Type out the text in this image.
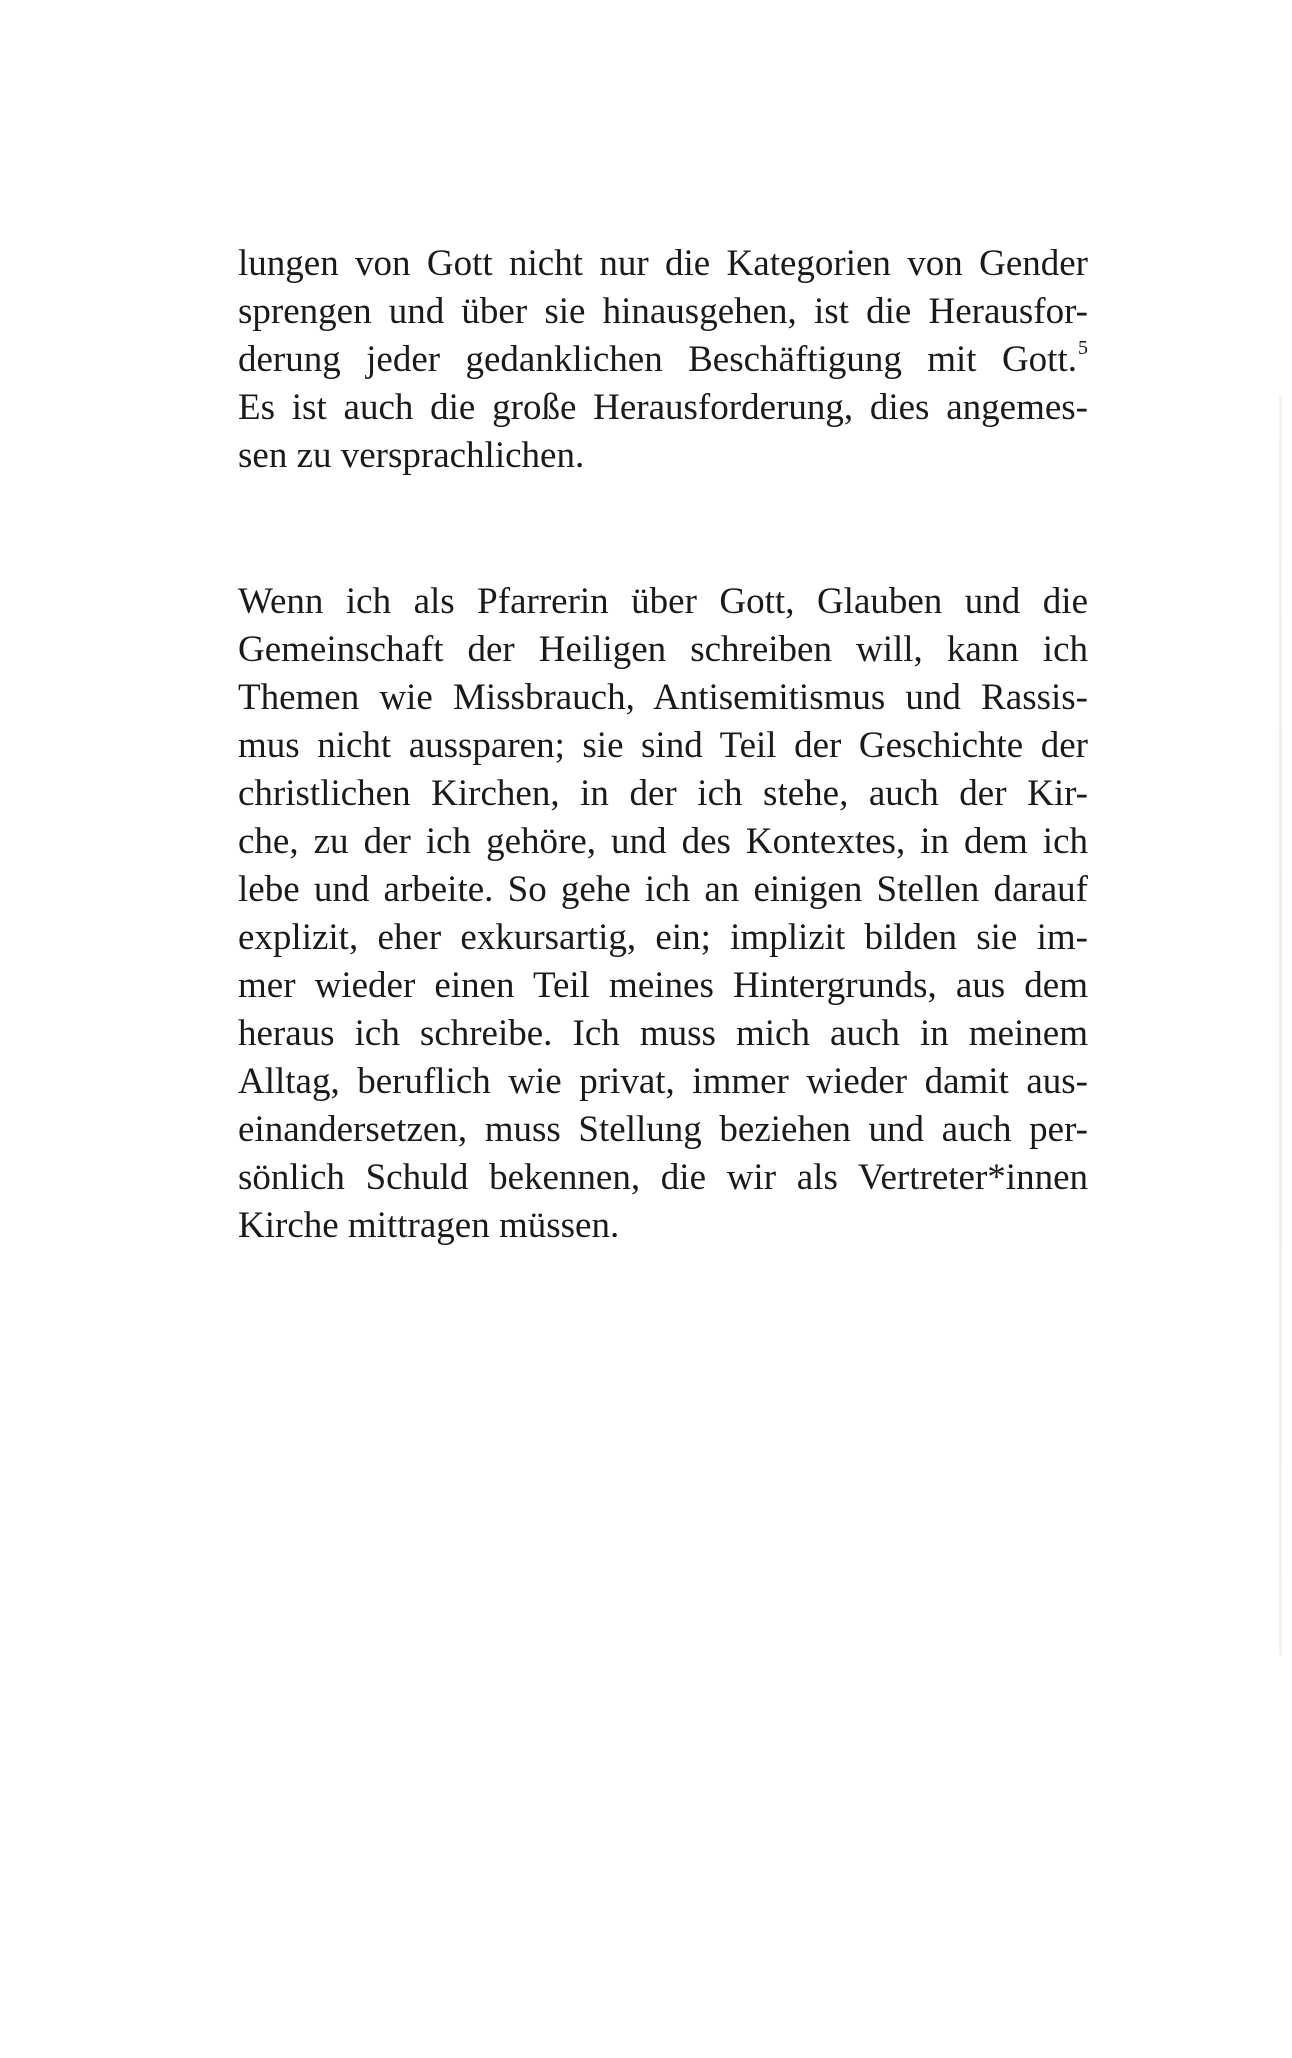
lungen von Gott nicht nur die Kategorien von Gender
sprengen und über sie hinausgehen, ist die Herausfor-
derung jeder gedanklichen Beschäftigung mit Gott.$^5$
Es ist auch die große Herausforderung, dies angemes-
sen zu versprachlichen.
Wenn ich als Pfarrerin über Gott, Glauben und die
Gemeinschaft der Heiligen schreiben will, kann ich
Themen wie Missbrauch, Antisemitismus und Rassis-
mus nicht aussparen; sie sind Teil der Geschichte der
christlichen Kirchen, in der ich stehe, auch der Kir-
che, zu der ich gehöre, und des Kontextes, in dem ich
lebe und arbeite. So gehe ich an einigen Stellen darauf
explizit, eher exkursartig, ein; implizit bilden sie im-
mer wieder einen Teil meines Hintergrunds, aus dem
heraus ich schreibe. Ich muss mich auch in meinem
Alltag, beruflich wie privat, immer wieder damit aus-
einandersetzen, muss Stellung beziehen und auch per-
sönlich Schuld bekennen, die wir als Vertreter*innen
Kirche mittragen müssen.
